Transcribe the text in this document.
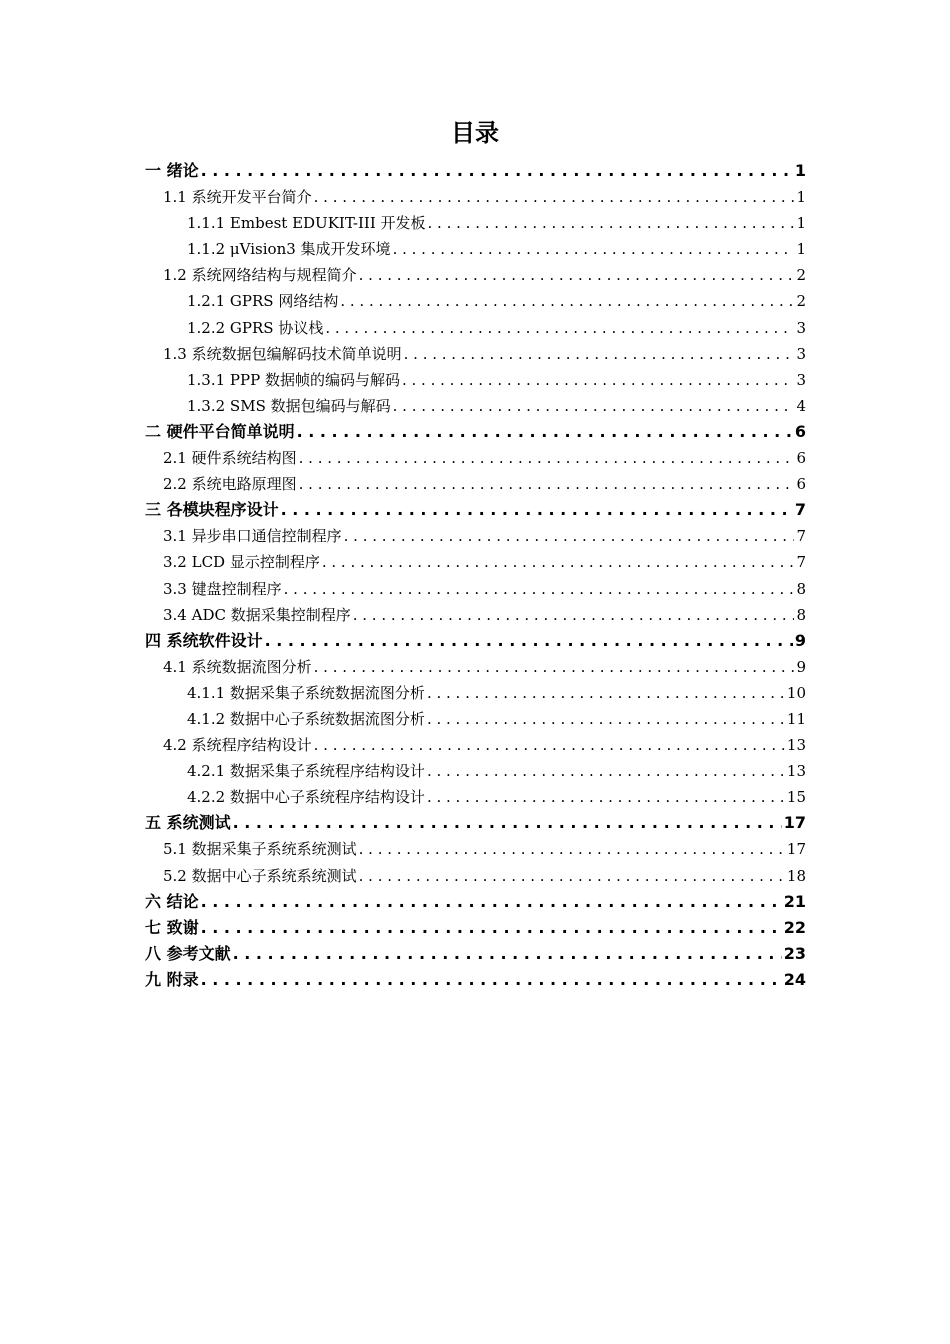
目录
一 绪论 . . .	1
1.1 系统开发平台简介 . . .	1
1.1.1 Embest EDUKIT-III 开发板 . . .	1
1.1.2 μVision3 集成开发环境 . . .	1
1.2 系统网络结构与规程简介 . . .	2
1.2.1 GPRS 网络结构 . . .	2
1.2.2 GPRS 协议栈 . . .	3
1.3 系统数据包编解码技术简单说明 . . .	3
1.3.1 PPP 数据帧的编码与解码 . . .	3
1.3.2 SMS 数据包编码与解码 . . .	4
二 硬件平台简单说明 . . .	6
2.1 硬件系统结构图 . . .	6
2.2 系统电路原理图 . . .	6
三 各模块程序设计 . . .	7
3.1 异步串口通信控制程序 . . .	7
3.2 LCD 显示控制程序 . . .	7
3.3 键盘控制程序 . . .	8
3.4 ADC 数据采集控制程序 . . .	8
四 系统软件设计 . . .	9
4.1 系统数据流图分析 . . .	9
4.1.1 数据采集子系统数据流图分析 . . .	10
4.1.2 数据中心子系统数据流图分析 . . .	11
4.2 系统程序结构设计 . . .	13
4.2.1 数据采集子系统程序结构设计 . . .	13
4.2.2 数据中心子系统程序结构设计 . . .	15
五 系统测试 . . .	17
5.1 数据采集子系统系统测试 . . .	17
5.2 数据中心子系统系统测试 . . .	18
六 结论 . . .	21
七 致谢 . . .	22
八 参考文献 . . .	23
九 附录 . . .	24
